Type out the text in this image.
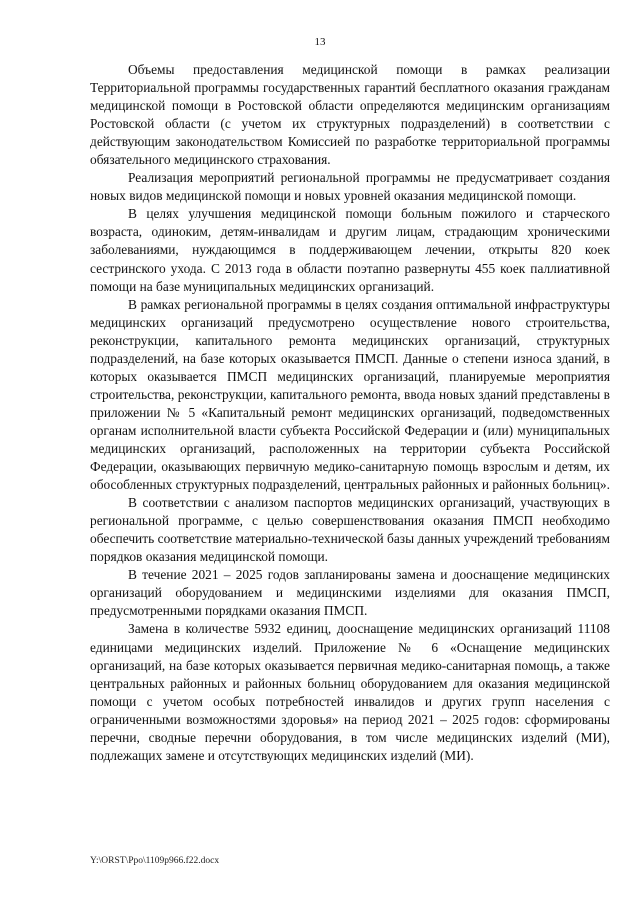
13

Объемы предоставления медицинской помощи в рамках реализации Территориальной программы государственных гарантий бесплатного оказания гражданам медицинской помощи в Ростовской области определяются медицинским организациям Ростовской области (с учетом их структурных подразделений) в соответствии с действующим законодательством Комиссией по разработке территориальной программы обязательного медицинского страхования.

Реализация мероприятий региональной программы не предусматривает создания новых видов медицинской помощи и новых уровней оказания медицинской помощи.

В целях улучшения медицинской помощи больным пожилого и старческого возраста, одиноким, детям-инвалидам и другим лицам, страдающим хроническими заболеваниями, нуждающимся в поддерживающем лечении, открыты 820 коек сестринского ухода. С 2013 года в области поэтапно развернуты 455 коек паллиативной помощи на базе муниципальных медицинских организаций.

В рамках региональной программы в целях создания оптимальной инфраструктуры медицинских организаций предусмотрено осуществление нового строительства, реконструкции, капитального ремонта медицинских организаций, структурных подразделений, на базе которых оказывается ПМСП. Данные о степени износа зданий, в которых оказывается ПМСП медицинских организаций, планируемые мероприятия строительства, реконструкции, капитального ремонта, ввода новых зданий представлены в приложении № 5 «Капитальный ремонт медицинских организаций, подведомственных органам исполнительной власти субъекта Российской Федерации и (или) муниципальных медицинских организаций, расположенных на территории субъекта Российской Федерации, оказывающих первичную медико-санитарную помощь взрослым и детям, их обособленных структурных подразделений, центральных районных и районных больниц».

В соответствии с анализом паспортов медицинских организаций, участвующих в региональной программе, с целью совершенствования оказания ПМСП необходимо обеспечить соответствие материально-технической базы данных учреждений требованиям порядков оказания медицинской помощи.

В течение 2021 – 2025 годов запланированы замена и дооснащение медицинских организаций оборудованием и медицинскими изделиями для оказания ПМСП, предусмотренными порядками оказания ПМСП.

Замена в количестве 5932 единиц, дооснащение медицинских организаций 11108 единицами медицинских изделий. Приложение № 6 «Оснащение медицинских организаций, на базе которых оказывается первичная медико-санитарная помощь, а также центральных районных и районных больниц оборудованием для оказания медицинской помощи с учетом особых потребностей инвалидов и других групп населения с ограниченными возможностями здоровья» на период 2021 – 2025 годов: сформированы перечни, сводные перечни оборудования, в том числе медицинских изделий (МИ), подлежащих замене и отсутствующих медицинских изделий (МИ).

Y:\ORST\Ppo\1109p966.f22.docx
